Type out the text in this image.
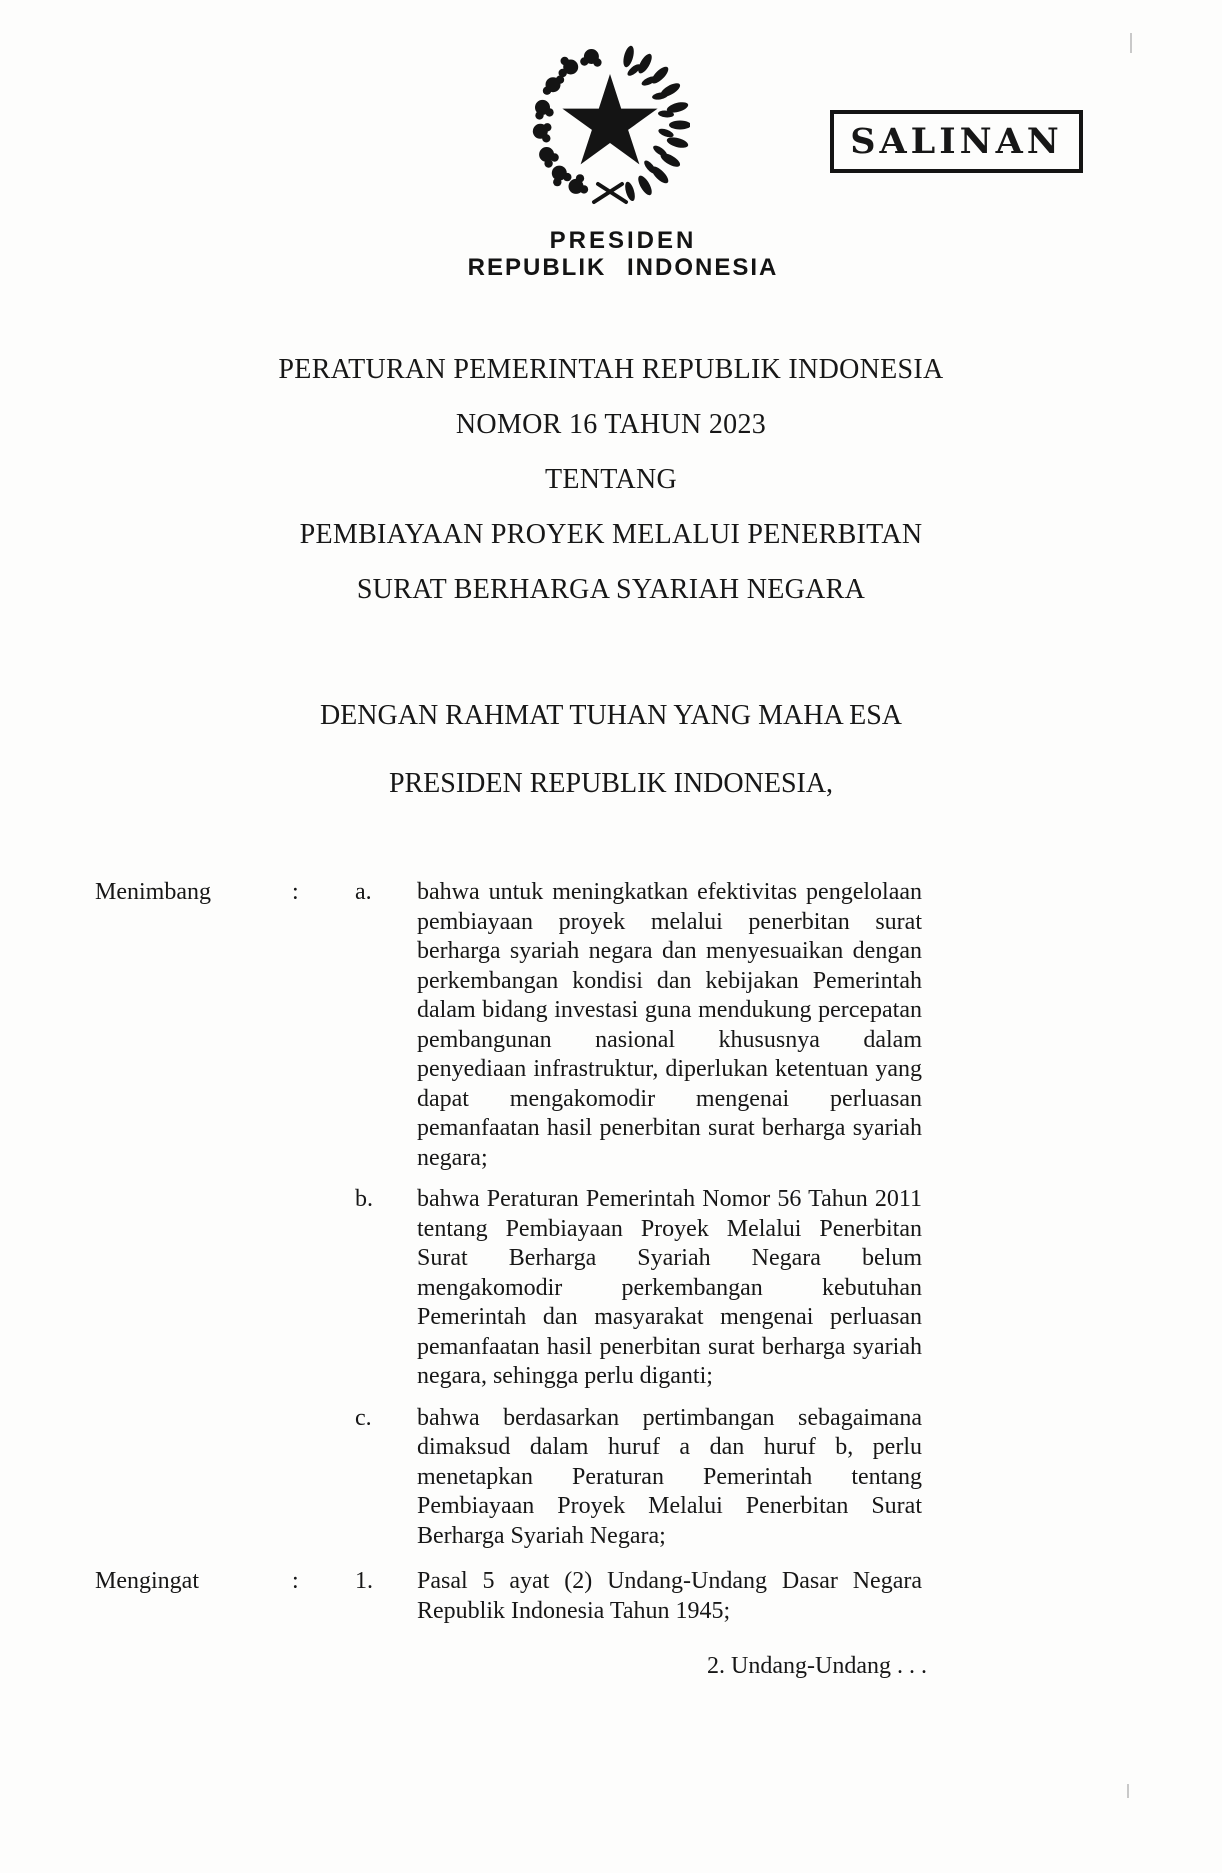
SALINAN
PRESIDEN
REPUBLIK INDONESIA
PERATURAN PEMERINTAH REPUBLIK INDONESIA
NOMOR 16 TAHUN 2023
TENTANG
PEMBIAYAAN PROYEK MELALUI PENERBITAN
SURAT BERHARGA SYARIAH NEGARA
DENGAN RAHMAT TUHAN YANG MAHA ESA
PRESIDEN REPUBLIK INDONESIA,
Menimbang	:	a.	bahwa untuk meningkatkan efektivitas pengelolaan pembiayaan proyek melalui penerbitan surat berharga syariah negara dan menyesuaikan dengan perkembangan kondisi dan kebijakan Pemerintah dalam bidang investasi guna mendukung percepatan pembangunan nasional khususnya dalam penyediaan infrastruktur, diperlukan ketentuan yang dapat mengakomodir mengenai perluasan pemanfaatan hasil penerbitan surat berharga syariah negara;

b.	bahwa Peraturan Pemerintah Nomor 56 Tahun 2011 tentang Pembiayaan Proyek Melalui Penerbitan Surat Berharga Syariah Negara belum mengakomodir perkembangan kebutuhan Pemerintah dan masyarakat mengenai perluasan pemanfaatan hasil penerbitan surat berharga syariah negara, sehingga perlu diganti;

c.	bahwa berdasarkan pertimbangan sebagaimana dimaksud dalam huruf a dan huruf b, perlu menetapkan Peraturan Pemerintah tentang Pembiayaan Proyek Melalui Penerbitan Surat Berharga Syariah Negara;

Mengingat	:	1.	Pasal 5 ayat (2) Undang-Undang Dasar Negara Republik Indonesia Tahun 1945;

2. Undang-Undang . . .
